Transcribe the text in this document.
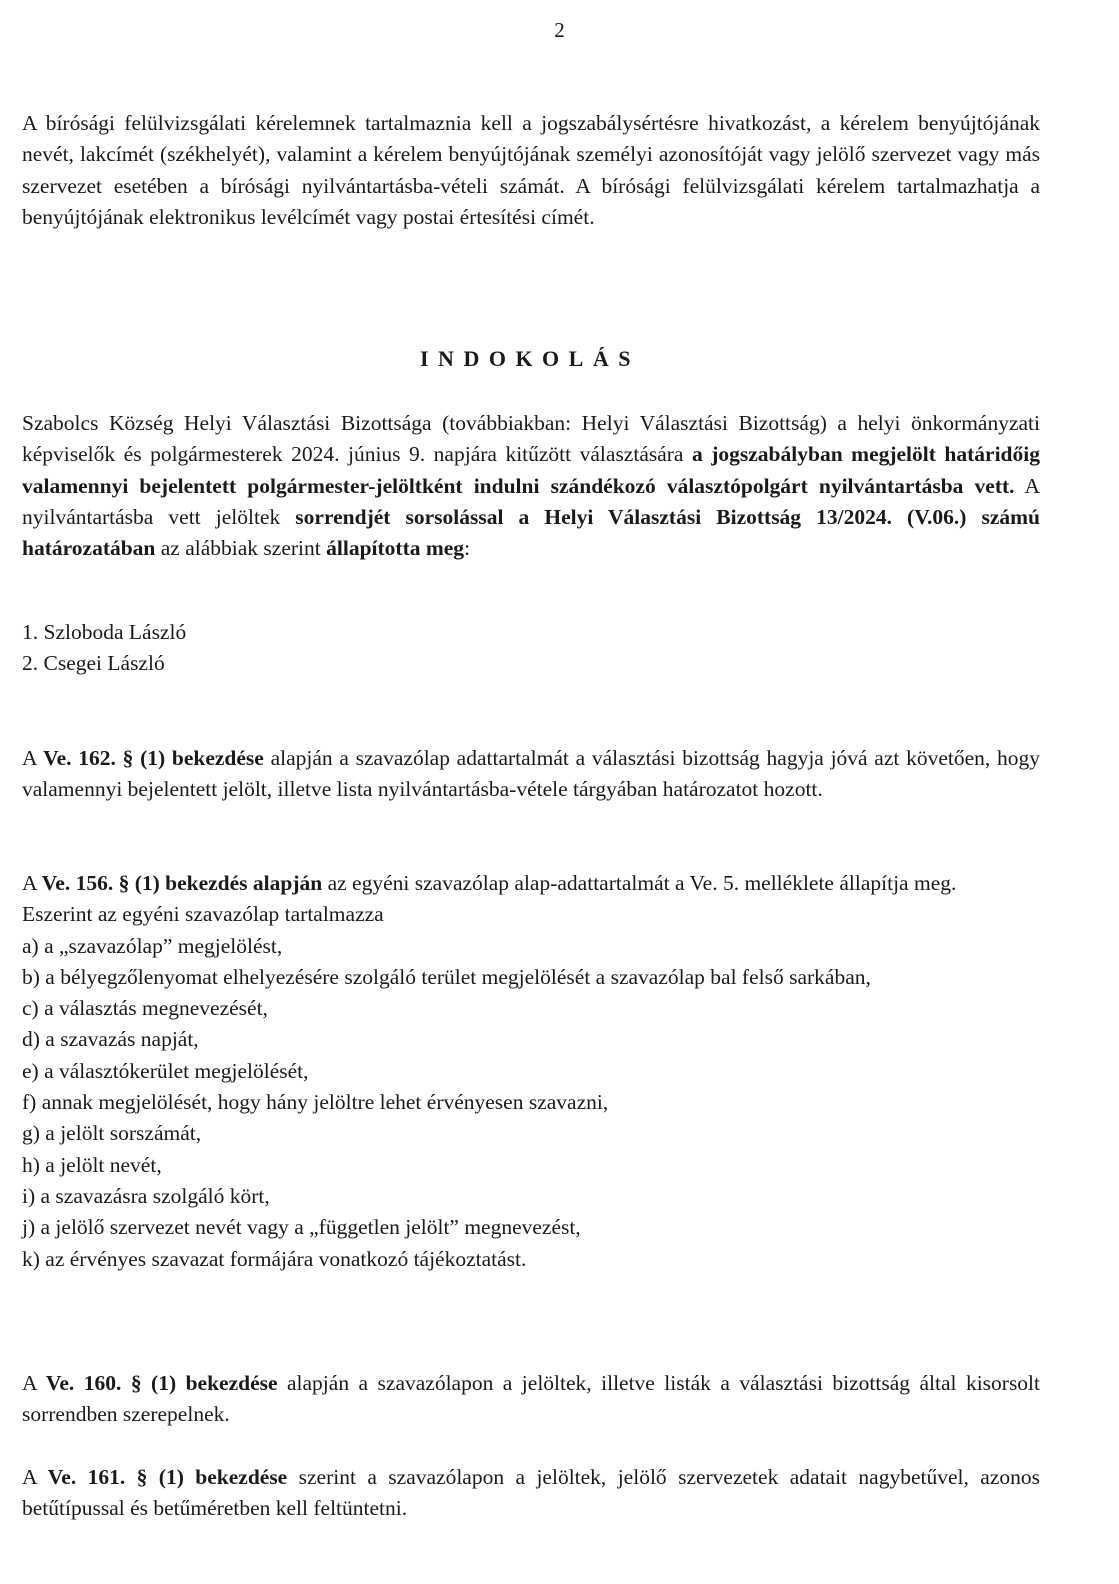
2

A bírósági felülvizsgálati kérelemnek tartalmaznia kell a jogszabálysértésre hivatkozást, a kérelem benyújtójának nevét, lakcímét (székhelyét), valamint a kérelem benyújtójának személyi azonosítóját vagy jelölő szervezet vagy más szervezet esetében a bírósági nyilvántartásba-vételi számát. A bírósági felülvizsgálati kérelem tartalmazhatja a benyújtójának elektronikus levélcímét vagy postai értesítési címét.

INDOKOLÁS

Szabolcs Község Helyi Választási Bizottsága (továbbiakban: Helyi Választási Bizottság) a helyi önkormányzati képviselők és polgármesterek 2024. június 9. napjára kitűzött választására a jogszabályban megjelölt határidőig valamennyi bejelentett polgármester-jelöltként indulni szándékozó választópolgárt nyilvántartásba vett. A nyilvántartásba vett jelöltek sorrendjét sorsolással a Helyi Választási Bizottság 13/2024. (V.06.) számú határozatában az alábbiak szerint állapította meg:

1. Szloboda László
2. Csegei László

A Ve. 162. § (1) bekezdése alapján a szavazólap adattartalmát a választási bizottság hagyja jóvá azt követően, hogy valamennyi bejelentett jelölt, illetve lista nyilvántartásba-vétele tárgyában határozatot hozott.

A Ve. 156. § (1) bekezdés alapján az egyéni szavazólap alap-adattartalmát a Ve. 5. melléklete állapítja meg.
Eszerint az egyéni szavazólap tartalmazza
a) a „szavazólap” megjelölést,
b) a bélyegzőlenyomat elhelyezésére szolgáló terület megjelölését a szavazólap bal felső sarkában,
c) a választás megnevezését,
d) a szavazás napját,
e) a választókerület megjelölését,
f) annak megjelölését, hogy hány jelöltre lehet érvényesen szavazni,
g) a jelölt sorszámát,
h) a jelölt nevét,
i) a szavazásra szolgáló kört,
j) a jelölő szervezet nevét vagy a „független jelölt” megnevezést,
k) az érvényes szavazat formájára vonatkozó tájékoztatást.

A Ve. 160. § (1) bekezdése alapján a szavazólapon a jelöltek, illetve listák a választási bizottság által kisorsolt sorrendben szerepelnek.

A Ve. 161. § (1) bekezdése szerint a szavazólapon a jelöltek, jelölő szervezetek adatait nagybetűvel, azonos betűtípussal és betűméretben kell feltüntetni.
